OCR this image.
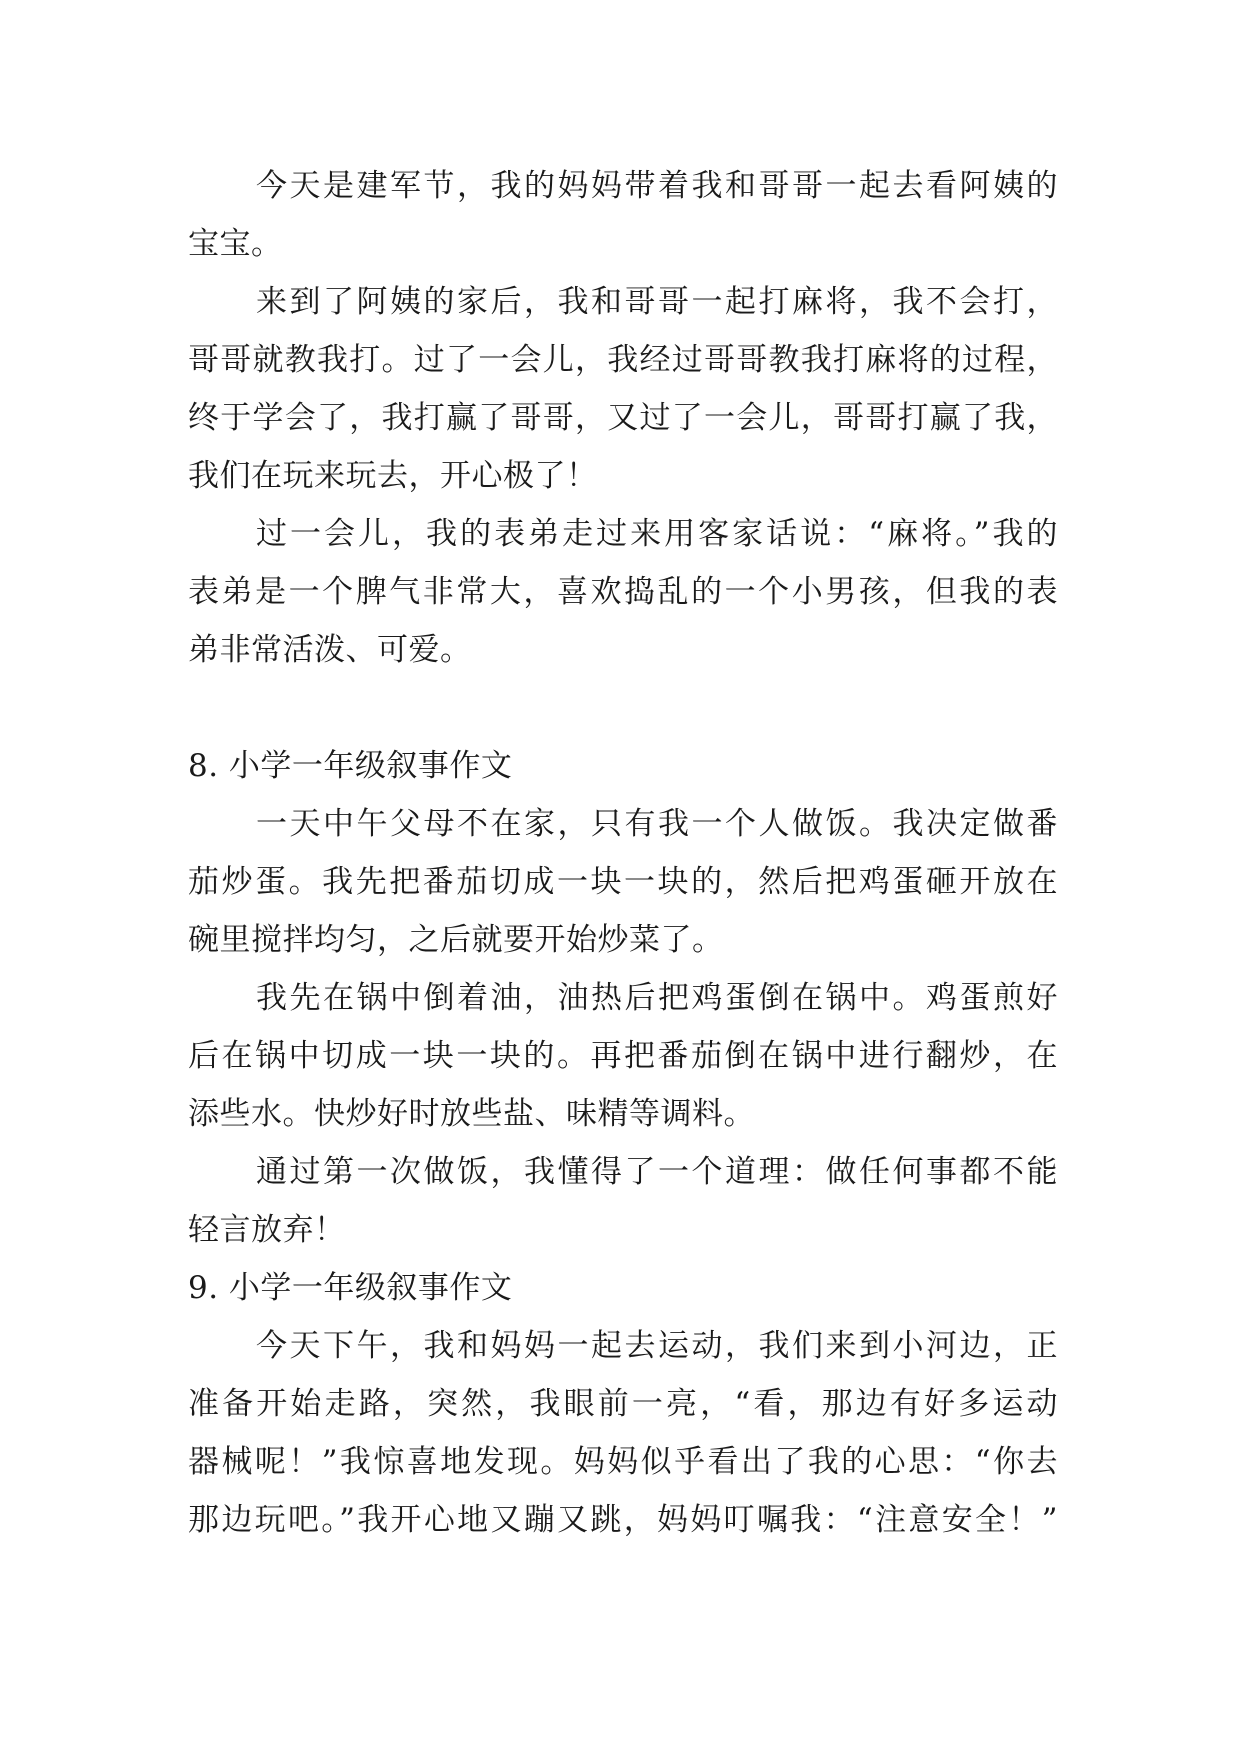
今天是建军节，我的妈妈带着我和哥哥一起去看阿姨的
宝宝。
来到了阿姨的家后，我和哥哥一起打麻将，我不会打，
哥哥就教我打。过了一会儿，我经过哥哥教我打麻将的过程，
终于学会了，我打赢了哥哥，又过了一会儿，哥哥打赢了我，
我们在玩来玩去，开心极了！
过一会儿，我的表弟走过来用客家话说：“麻将。”我的
表弟是一个脾气非常大，喜欢捣乱的一个小男孩，但我的表
弟非常活泼、可爱。
8. 小学一年级叙事作文
一天中午父母不在家，只有我一个人做饭。我决定做番
茄炒蛋。我先把番茄切成一块一块的，然后把鸡蛋砸开放在
碗里搅拌均匀，之后就要开始炒菜了。
我先在锅中倒着油，油热后把鸡蛋倒在锅中。鸡蛋煎好
后在锅中切成一块一块的。再把番茄倒在锅中进行翻炒，在
添些水。快炒好时放些盐、味精等调料。
通过第一次做饭，我懂得了一个道理：做任何事都不能
轻言放弃！
9. 小学一年级叙事作文
今天下午，我和妈妈一起去运动，我们来到小河边，正
准备开始走路，突然，我眼前一亮，“看，那边有好多运动
器械呢！”我惊喜地发现。妈妈似乎看出了我的心思：“你去
那边玩吧。”我开心地又蹦又跳，妈妈叮嘱我：“注意安全！”
